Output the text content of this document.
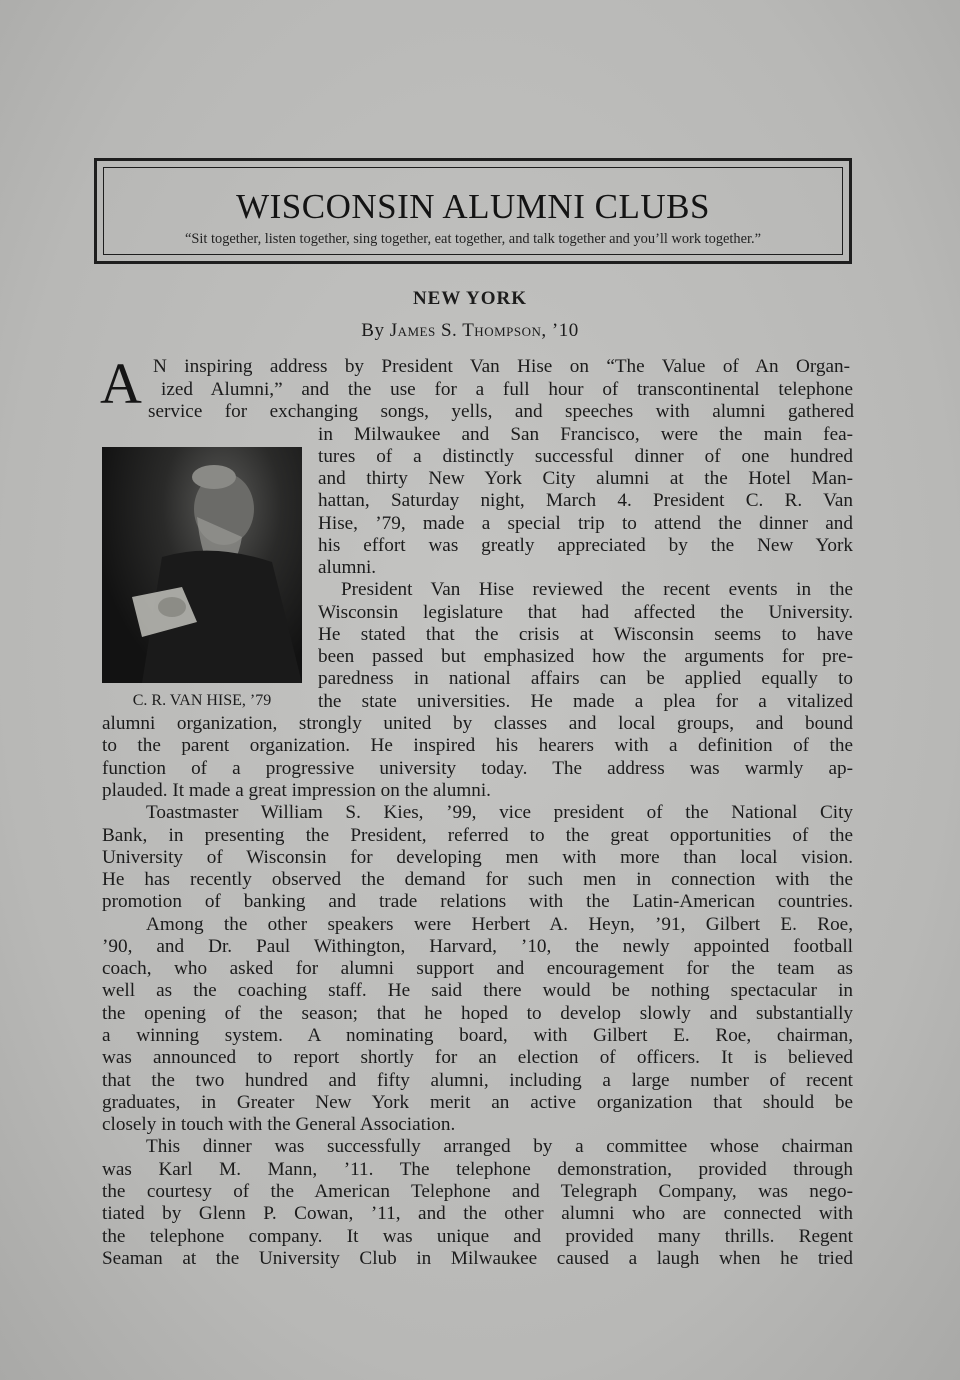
WISCONSIN ALUMNI CLUBS
“Sit together, listen together, sing together, eat together, and talk together and you’ll work together.”
NEW YORK
By James S. Thompson, ’10
A
C. R. VAN HISE, ’79
N inspiring address by President Van Hise on “The Value of An Organ-
ized Alumni,” and the use for a full hour of transcontinental telephone
service for exchanging songs, yells, and speeches with alumni gathered
in Milwaukee and San Francisco, were the main fea-
tures of a distinctly successful dinner of one hundred
and thirty New York City alumni at the Hotel Man-
hattan, Saturday night, March 4. President C. R. Van
Hise, ’79, made a special trip to attend the dinner and
his effort was greatly appreciated by the New York
alumni.
President Van Hise reviewed the recent events in the
Wisconsin legislature that had affected the University.
He stated that the crisis at Wisconsin seems to have
been passed but emphasized how the arguments for pre-
paredness in national affairs can be applied equally to
the state universities. He made a plea for a vitalized
alumni organization, strongly united by classes and local groups, and bound
to the parent organization. He inspired his hearers with a definition of the
function of a progressive university today. The address was warmly ap-
plauded. It made a great impression on the alumni.
Toastmaster William S. Kies, ’99, vice president of the National City
Bank, in presenting the President, referred to the great opportunities of the
University of Wisconsin for developing men with more than local vision.
He has recently observed the demand for such men in connection with the
promotion of banking and trade relations with the Latin-American countries.
Among the other speakers were Herbert A. Heyn, ’91, Gilbert E. Roe,
’90, and Dr. Paul Withington, Harvard, ’10, the newly appointed football
coach, who asked for alumni support and encouragement for the team as
well as the coaching staff. He said there would be nothing spectacular in
the opening of the season; that he hoped to develop slowly and substantially
a winning system. A nominating board, with Gilbert E. Roe, chairman,
was announced to report shortly for an election of officers. It is believed
that the two hundred and fifty alumni, including a large number of recent
graduates, in Greater New York merit an active organization that should be
closely in touch with the General Association.
This dinner was successfully arranged by a committee whose chairman
was Karl M. Mann, ’11. The telephone demonstration, provided through
the courtesy of the American Telephone and Telegraph Company, was nego-
tiated by Glenn P. Cowan, ’11, and the other alumni who are connected with
the telephone company. It was unique and provided many thrills. Regent
Seaman at the University Club in Milwaukee caused a laugh when he tried
